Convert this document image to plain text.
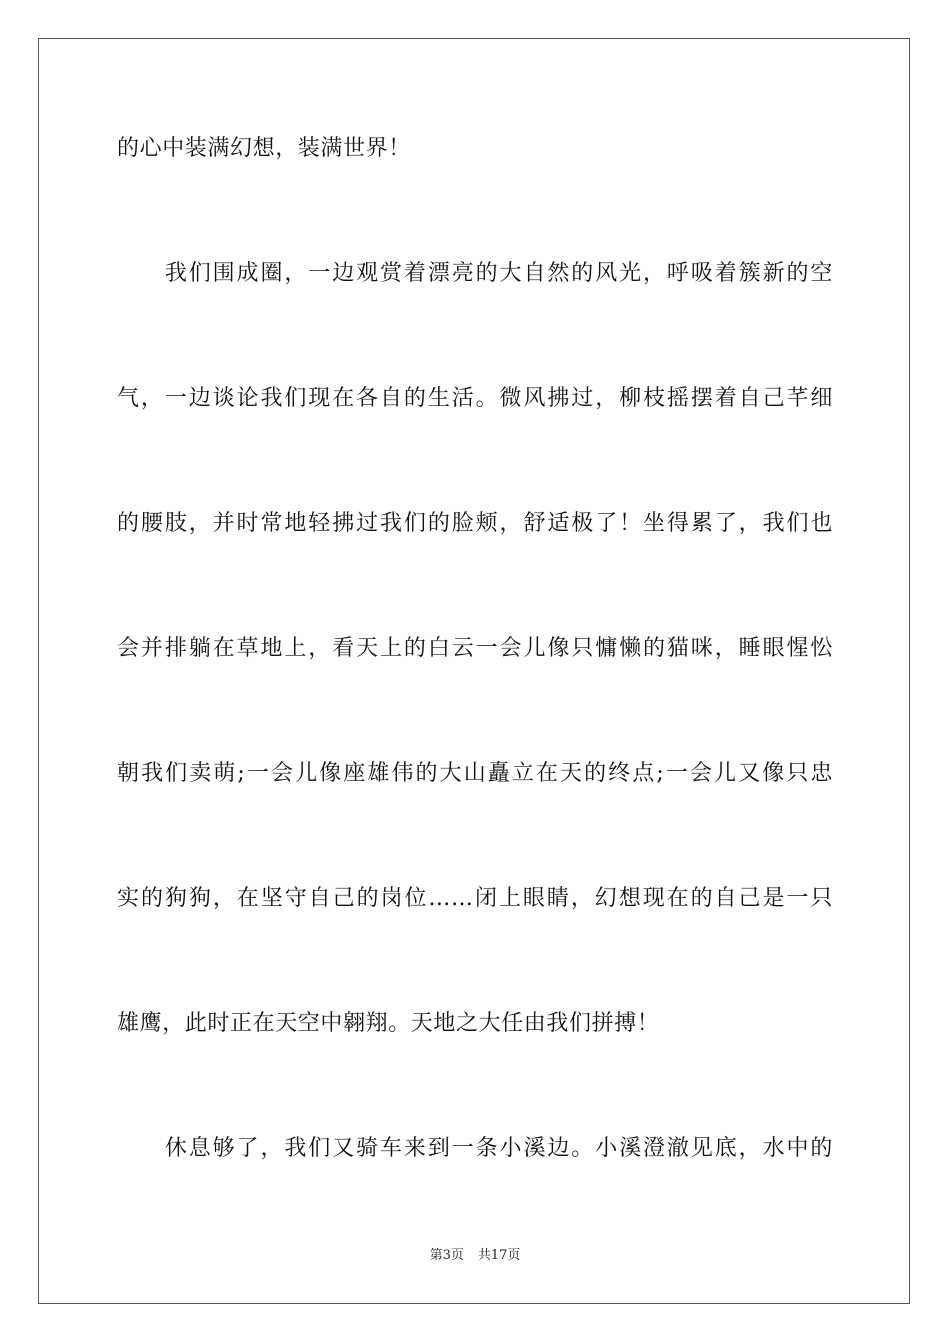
的心中装满幻想，装满世界！
　　我们围成圈，一边观赏着漂亮的大自然的风光，呼吸着簇新的空
气，一边谈论我们现在各自的生活。微风拂过，柳枝摇摆着自己芊细
的腰肢，并时常地轻拂过我们的脸颊，舒适极了！坐得累了，我们也
会并排躺在草地上，看天上的白云一会儿像只慵懒的猫咪，睡眼惺忪
朝我们卖萌;一会儿像座雄伟的大山矗立在天的终点;一会儿又像只忠
实的狗狗，在坚守自己的岗位……闭上眼睛，幻想现在的自己是一只
雄鹰，此时正在天空中翱翔。天地之大任由我们拼搏！
　　休息够了，我们又骑车来到一条小溪边。小溪澄澈见底，水中的
第3页 共17页
